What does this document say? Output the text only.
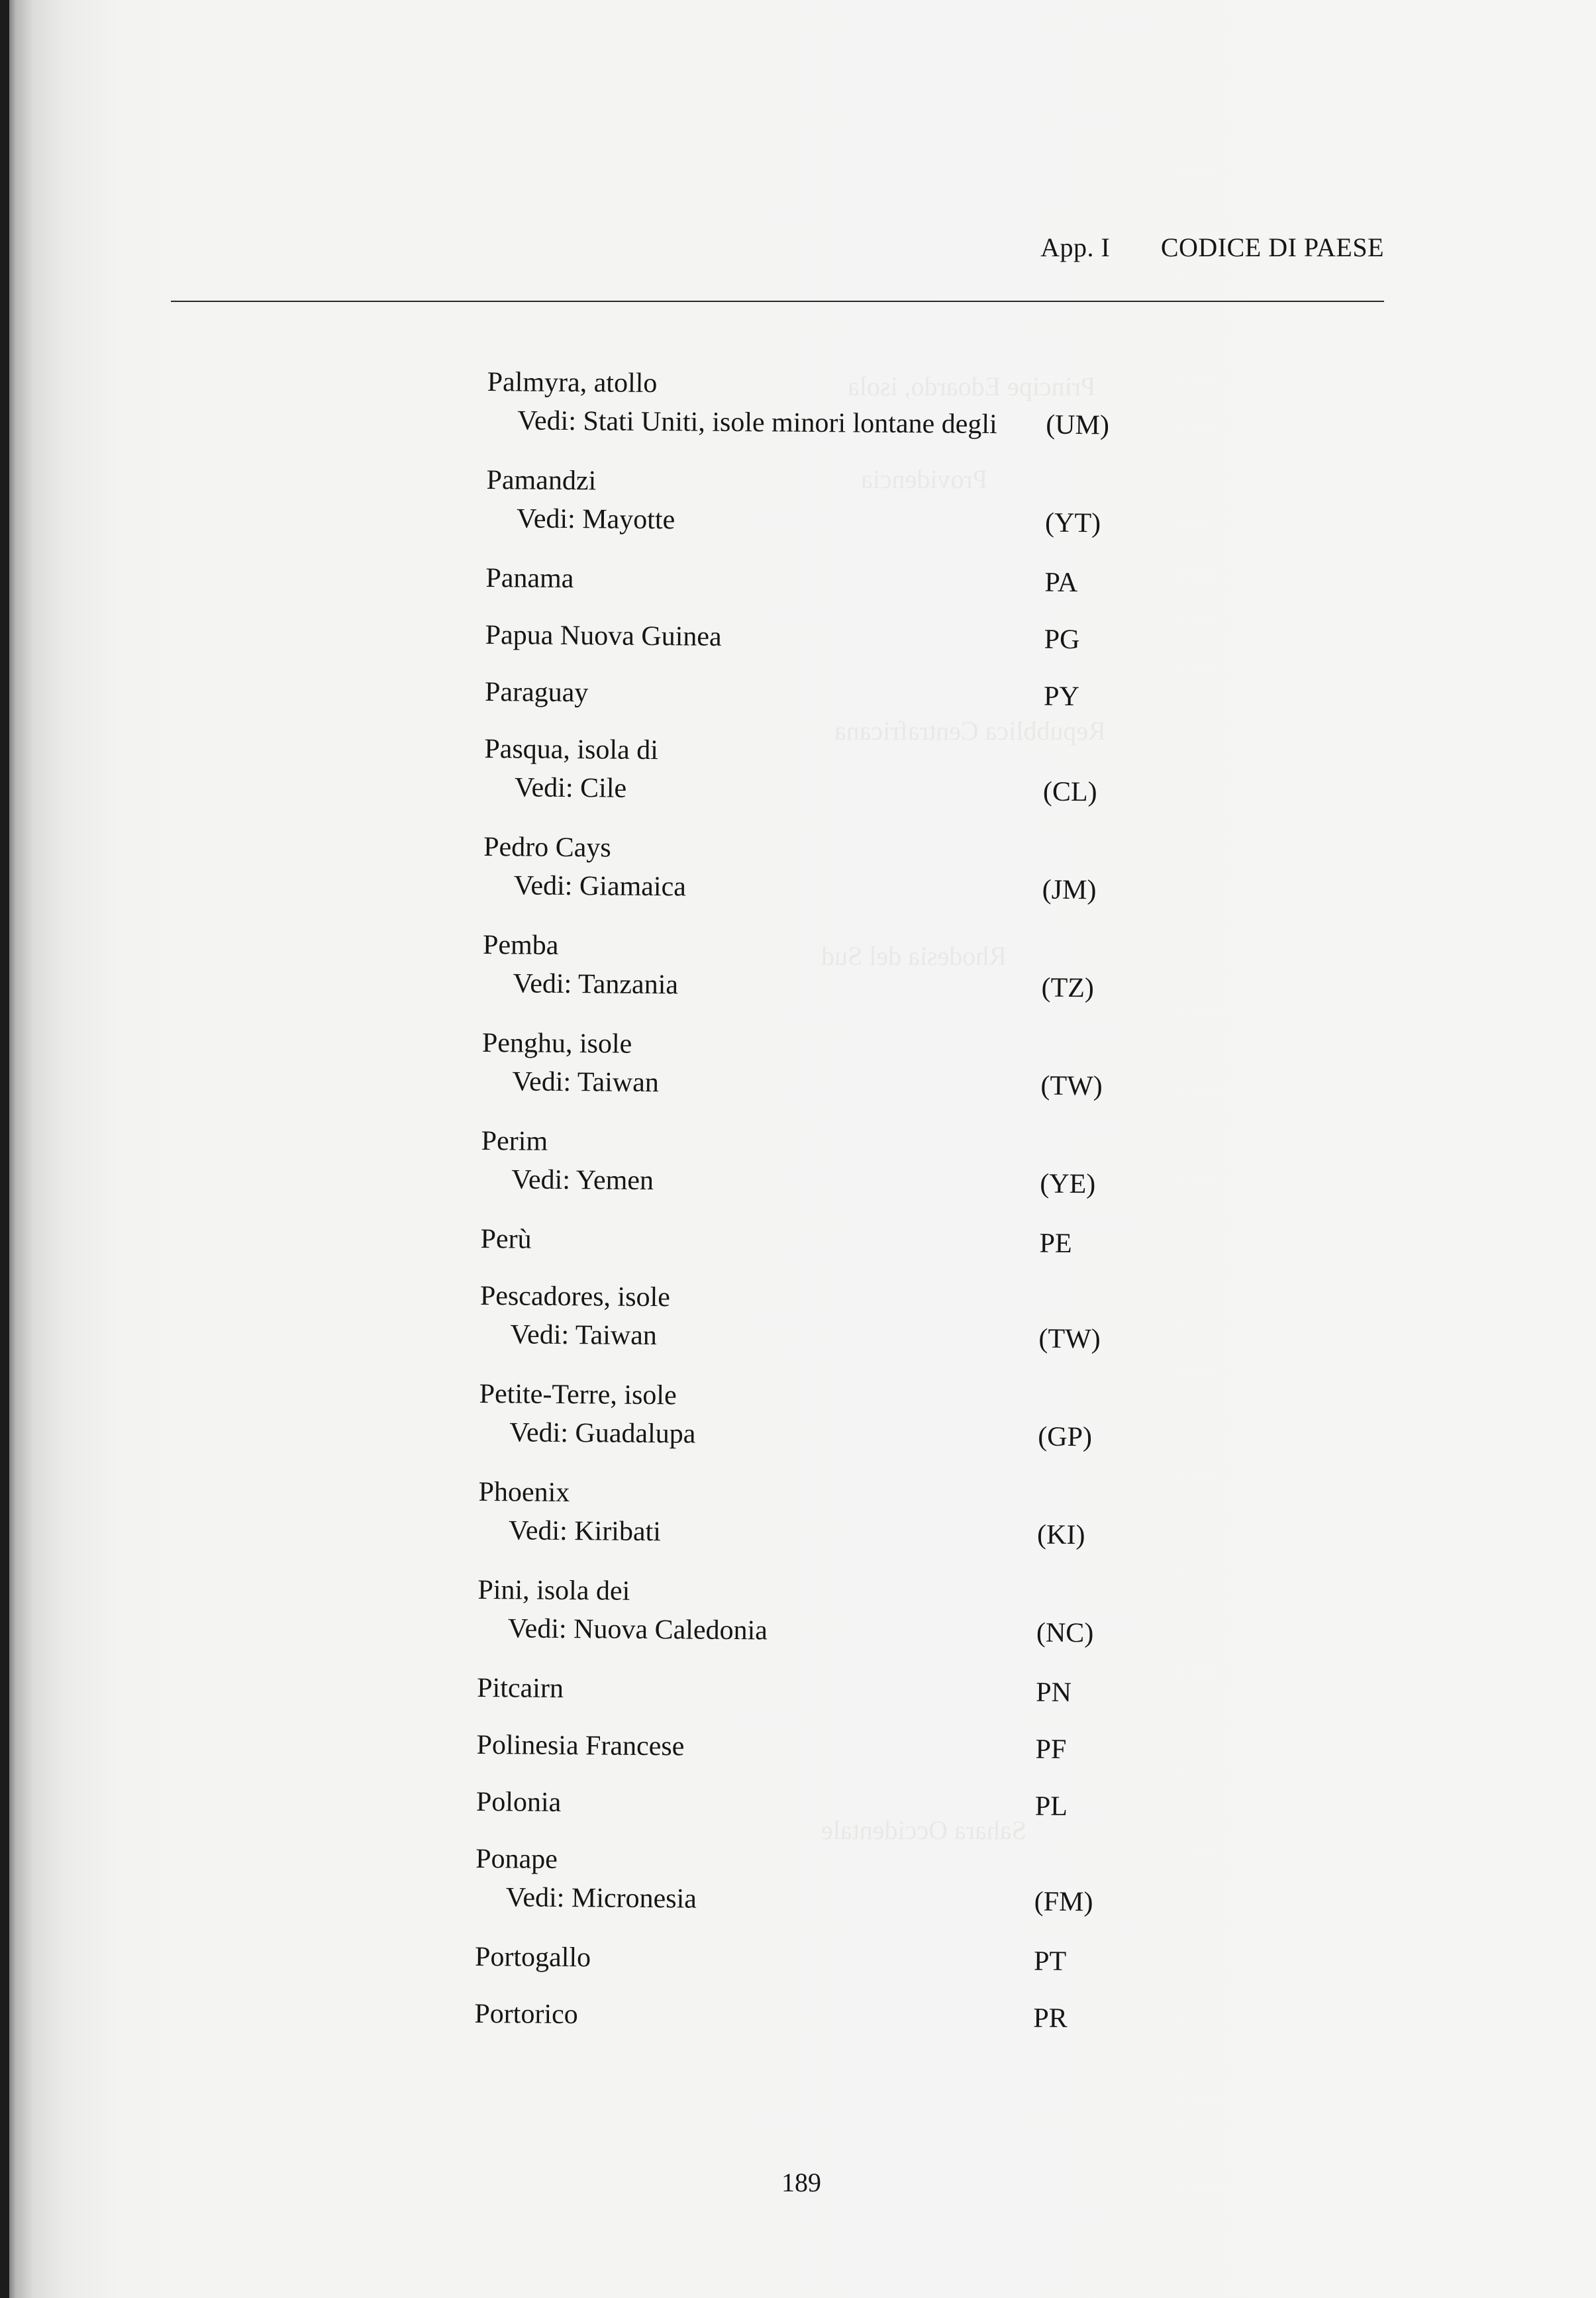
Principe Edoardo, isola
Providencia
Repubblica Centrafricana
Rhodesia del Sud
Sahara Occidentale
App. I CODICE DI PAESE
Palmyra, atollo
Vedi: Stati Uniti, isole minori lontane degli (UM)
Pamandzi
Vedi: Mayotte	(YT)
Panama	PA
Papua Nuova Guinea	PG
Paraguay	PY
Pasqua, isola di
Vedi: Cile	(CL)
Pedro Cays
Vedi: Giamaica	(JM)
Pemba
Vedi: Tanzania	(TZ)
Penghu, isole
Vedi: Taiwan	(TW)
Perim
Vedi: Yemen	(YE)
Perù	PE
Pescadores, isole
Vedi: Taiwan	(TW)
Petite-Terre, isole
Vedi: Guadalupa	(GP)
Phoenix
Vedi: Kiribati	(KI)
Pini, isola dei
Vedi: Nuova Caledonia	(NC)
Pitcairn	PN
Polinesia Francese	PF
Polonia	PL
Ponape
Vedi: Micronesia	(FM)
Portogallo	PT
Portorico	PR
189
